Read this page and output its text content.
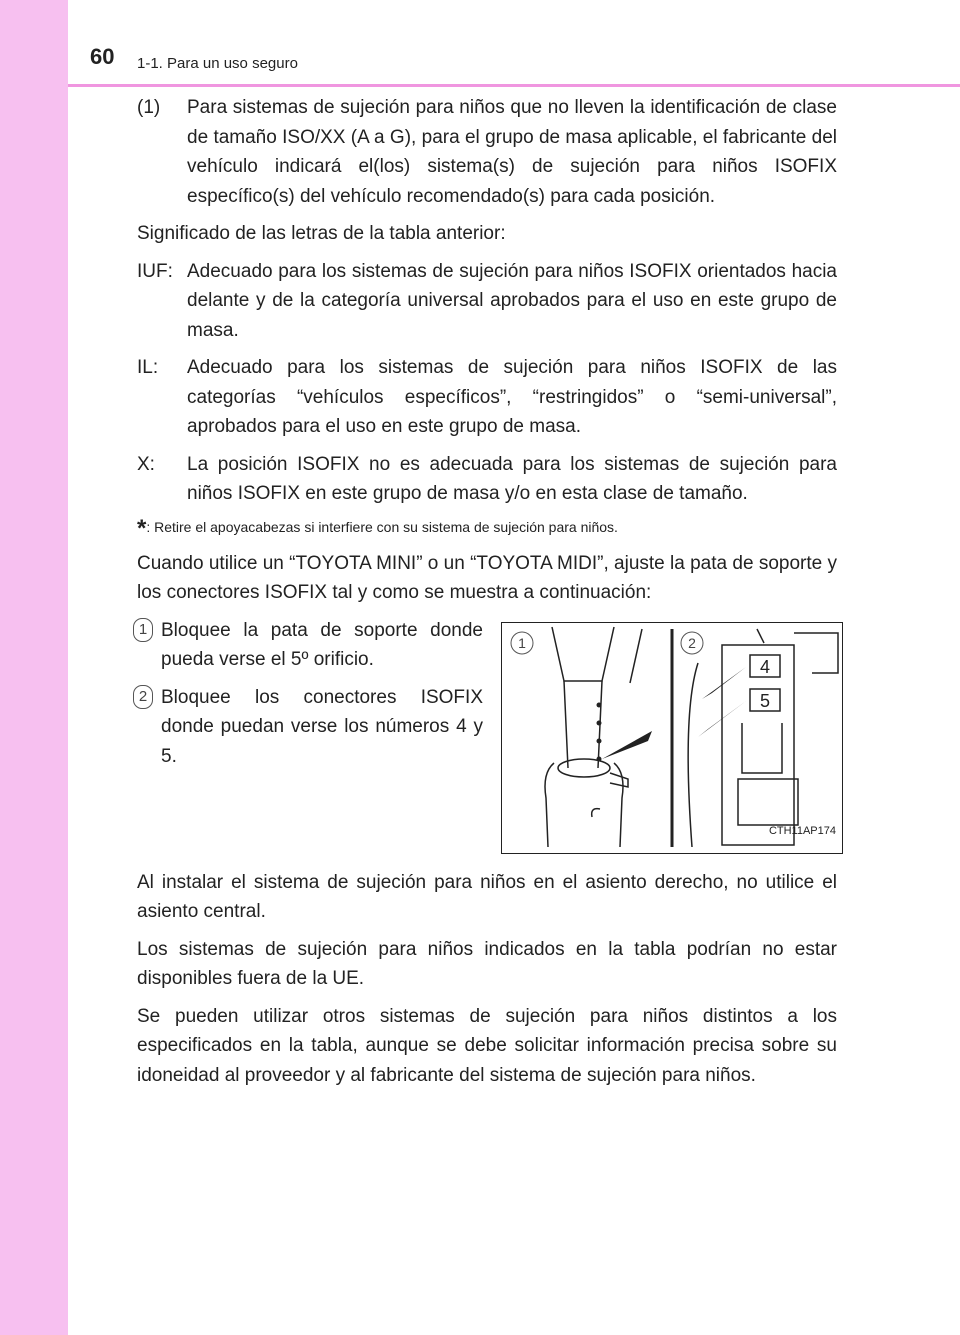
60 1-1. Para un uso seguro
(1)	Para sistemas de sujeción para niños que no lleven la identificación de clase de tamaño ISO/XX (A a G), para el grupo de masa aplicable, el fabricante del vehículo indicará el(los) sistema(s) de sujeción para niños ISOFIX específico(s) del vehículo recomendado(s) para cada posición.

Significado de las letras de la tabla anterior:

IUF: Adecuado para los sistemas de sujeción para niños ISOFIX orientados hacia delante y de la categoría universal aprobados para el uso en este grupo de masa.
IL:	Adecuado para los sistemas de sujeción para niños ISOFIX de las categorías “vehículos específicos”, “restringidos” o “semi-universal”, aprobados para el uso en este grupo de masa.
X:	La posición ISOFIX no es adecuada para los sistemas de sujeción para niños ISOFIX en este grupo de masa y/o en esta clase de tamaño.
*: Retire el apoyacabezas si interfiere con su sistema de sujeción para niños.

Cuando utilice un “TOYOTA MINI” o un “TOYOTA MIDI”, ajuste la pata de soporte y los conectores ISOFIX tal y como se muestra a continuación:

1 Bloquee la pata de soporte donde pueda verse el 5º orificio.
2 Bloquee los conectores ISOFIX donde puedan verse los números 4 y 5.
1	2
4
5
CTH11AP174

Al instalar el sistema de sujeción para niños en el asiento derecho, no utilice el asiento central.

Los sistemas de sujeción para niños indicados en la tabla podrían no estar disponibles fuera de la UE.

Se pueden utilizar otros sistemas de sujeción para niños distintos a los especificados en la tabla, aunque se debe solicitar información precisa sobre su idoneidad al proveedor y al fabricante del sistema de sujeción para niños.
